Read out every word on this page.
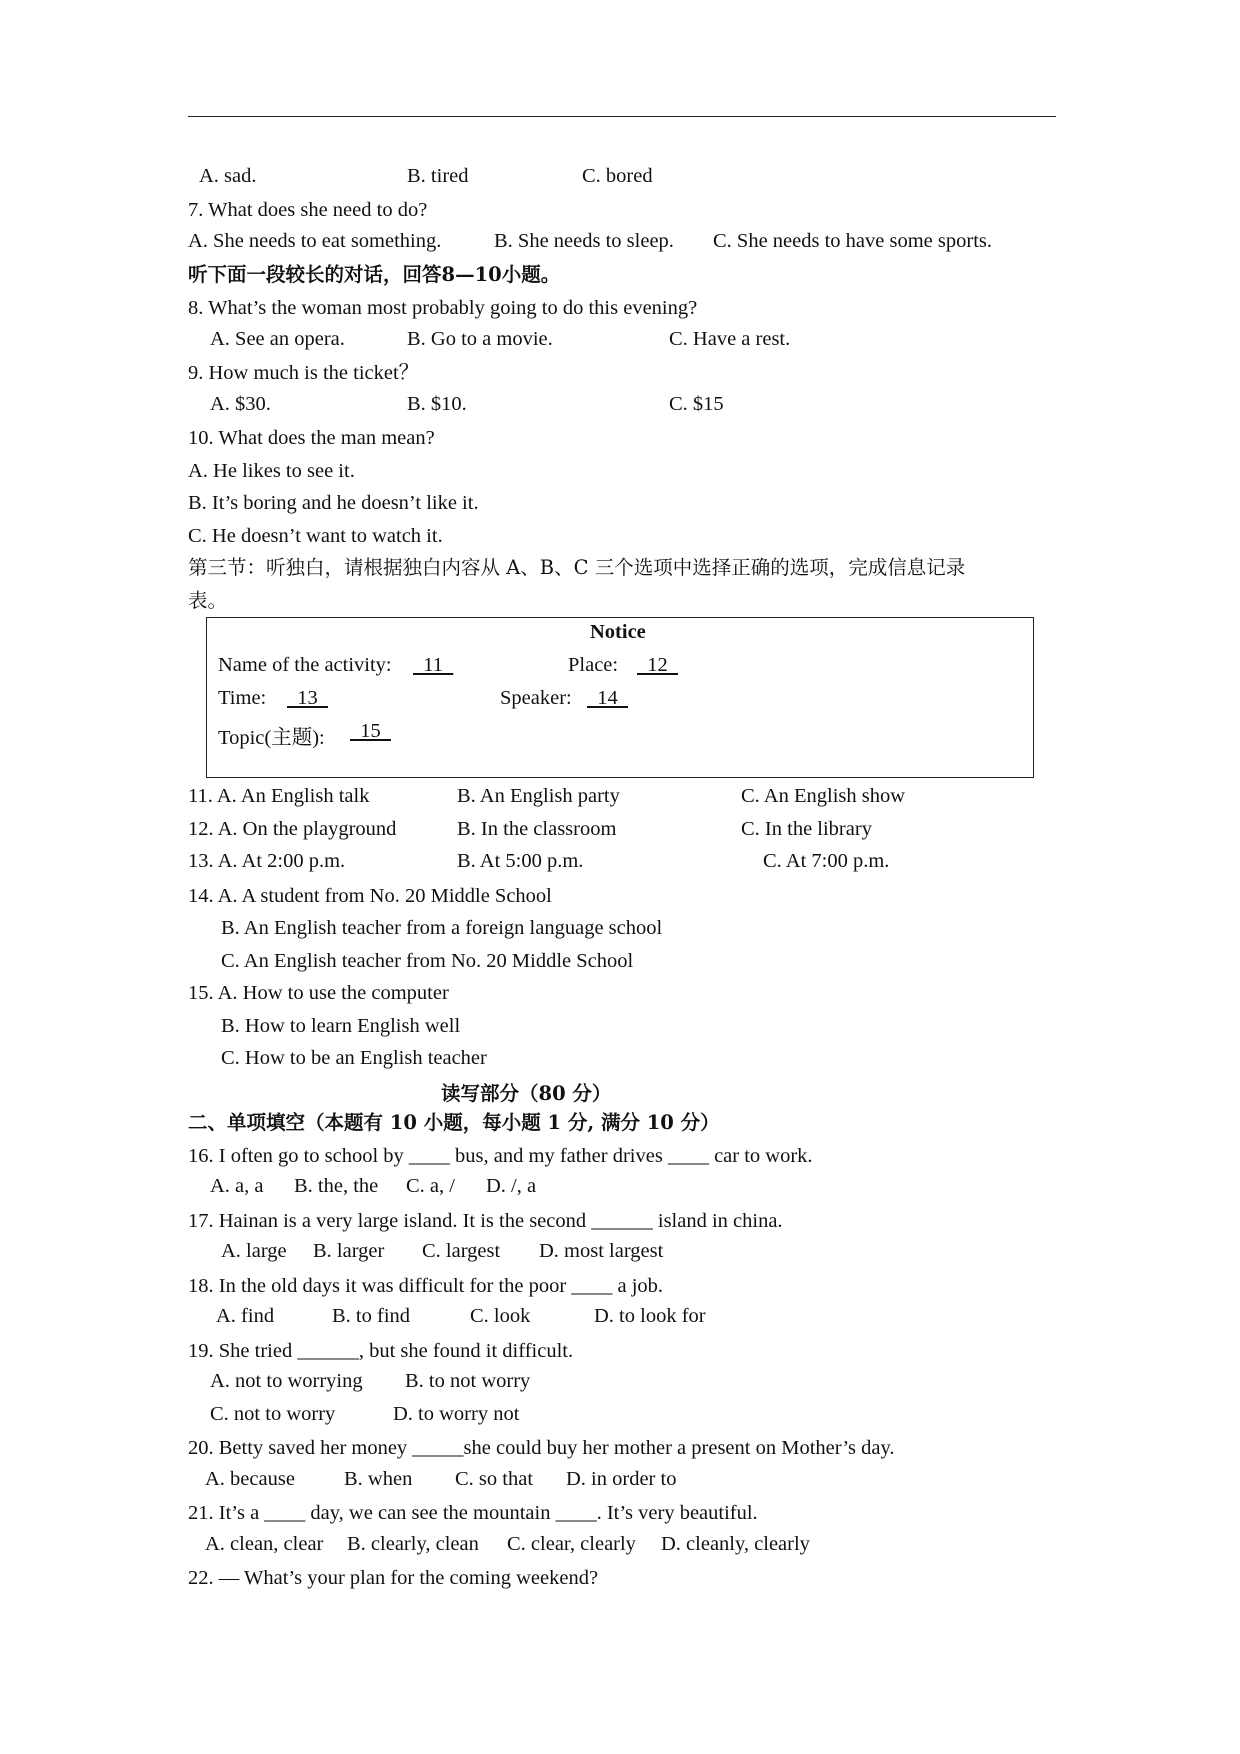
A. sad.	B. tired	C. bored
7. What does she need to do?
A. She needs to eat something.	B. She needs to sleep. C. She needs to have some sports.
听下面一段较长的对话，回答8—10小题。
8. What’s the woman most probably going to do this evening?
A. See an opera.	B. Go to a movie.	C. Have a rest.
9. How much is the ticket？
A. $30.	B. $10.	C. $15
10. What does the man mean?
A. He likes to see it.
B. It’s boring and he doesn’t like it.
C. He doesn’t want to watch it.
第三节：听独白，请根据独白内容从 A、B、C 三个选项中选择正确的选项，完成信息记录
表。
Notice
Name of the activity: 11	Place: 12
Time: 13	Speaker: 14
Topic(主题): 15
11. A. An English talk	B. An English party	C. An English show
12. A. On the playground	B. In the classroom	C. In the library
13. A. At 2:00 p.m.	B. At 5:00 p.m.	C. At 7:00 p.m.
14. A. A student from No. 20 Middle School
B. An English teacher from a foreign language school
C. An English teacher from No. 20 Middle School
15. A. How to use the computer
B. How to learn English well
C. How to be an English teacher
读写部分（80 分）
二、单项填空（本题有 10 小题，每小题 1 分, 满分 10 分）
16. I often go to school by ____ bus, and my father drives ____ car to work.
A. a, a B. the, the C. a, / D. /, a
17. Hainan is a very large island. It is the second ______ island in china.
A. large B. larger C. largest D. most largest
18. In the old days it was difficult for the poor ____ a job.
A. find	B. to find	C. look	D. to look for
19. She tried ______, but she found it difficult.
A. not to worrying B. to not worry
C. not to worry	D. to worry not
20. Betty saved her money _____she could buy her mother a present on Mother’s day.
A. because B. when C. so that D. in order to
21. It’s a ____ day, we can see the mountain ____. It’s very beautiful.
A. clean, clear B. clearly, clean C. clear, clearly D. cleanly, clearly
22. — What’s your plan for the coming weekend?
